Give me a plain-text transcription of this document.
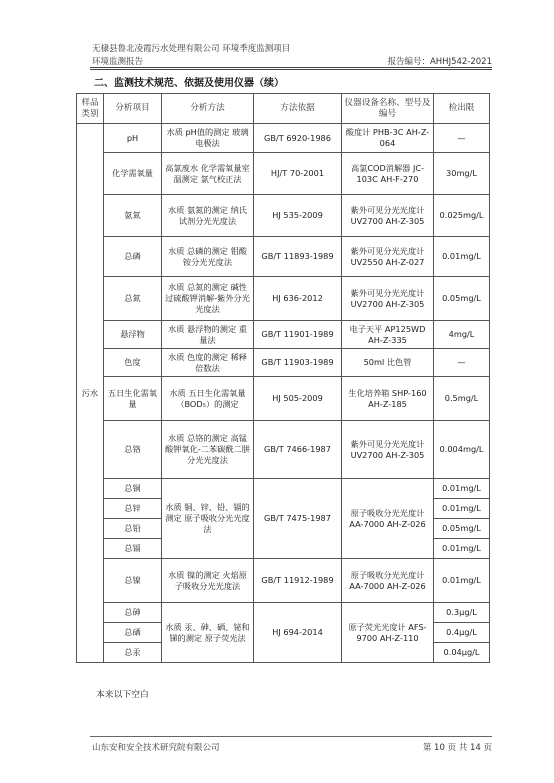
无棣县鲁北凌霞污水处理有限公司 环境季度监测项目
环境监测报告	报告编号：AHHJ542-2021
二、监测技术规范、依据及使用仪器（续）
样品类别	分析项目	分析方法	方法依据	仪器设备名称、型号及编号	检出限
污水	pH	水质 pH值的测定 玻璃电极法	GB/T 6920-1986	酸度计 PHB-3C AH-Z-064	—
	化学需氧量	高氯废水 化学需氧量室温测定 氯气校正法	HJ/T 70-2001	高氯COD消解器 JC-103C AH-F-270	30mg/L
	氨氮	水质 氨氮的测定 纳氏试剂分光光度法	HJ 535-2009	紫外可见分光光度计 UV2700 AH-Z-305	0.025mg/L
	总磷	水质 总磷的测定 钼酸铵分光光度法	GB/T 11893-1989	紫外可见分光光度计 UV2550 AH-Z-027	0.01mg/L
	总氮	水质 总氮的测定 碱性过硫酸钾消解-紫外分光光度法	HJ 636-2012	紫外可见分光光度计 UV2700 AH-Z-305	0.05mg/L
	悬浮物	水质 悬浮物的测定 重量法	GB/T 11901-1989	电子天平 AP125WD AH-Z-335	4mg/L
	色度	水质 色度的测定 稀释倍数法	GB/T 11903-1989	50ml 比色管	—
	五日生化需氧量	水质 五日生化需氧量（BOD₅）的测定	HJ 505-2009	生化培养箱 SHP-160 AH-Z-185	0.5mg/L
	总铬	水质 总铬的测定 高锰酸钾氧化-二苯碳酰二肼分光光度法	GB/T 7466-1987	紫外可见分光光度计 UV2700 AH-Z-305	0.004mg/L
	总铜	水质 铜、锌、铅、镉的测定 原子吸收分光光度法	GB/T 7475-1987	原子吸收分光光度计 AA-7000 AH-Z-026	0.01mg/L
	总锌				0.01mg/L
	总铅				0.05mg/L
	总镉				0.01mg/L
	总镍	水质 镍的测定 火焰原子吸收分光光度法	GB/T 11912-1989	原子吸收分光光度计 AA-7000 AH-Z-026	0.01mg/L
	总砷	水质 汞、砷、硒、铋和锑的测定 原子荧光法	HJ 694-2014	原子荧光光度计 AFS-9700 AH-Z-110	0.3μg/L
	总硒				0.4μg/L
	总汞				0.04μg/L
本来以下空白
山东安和安全技术研究院有限公司	第 10 页 共 14 页
